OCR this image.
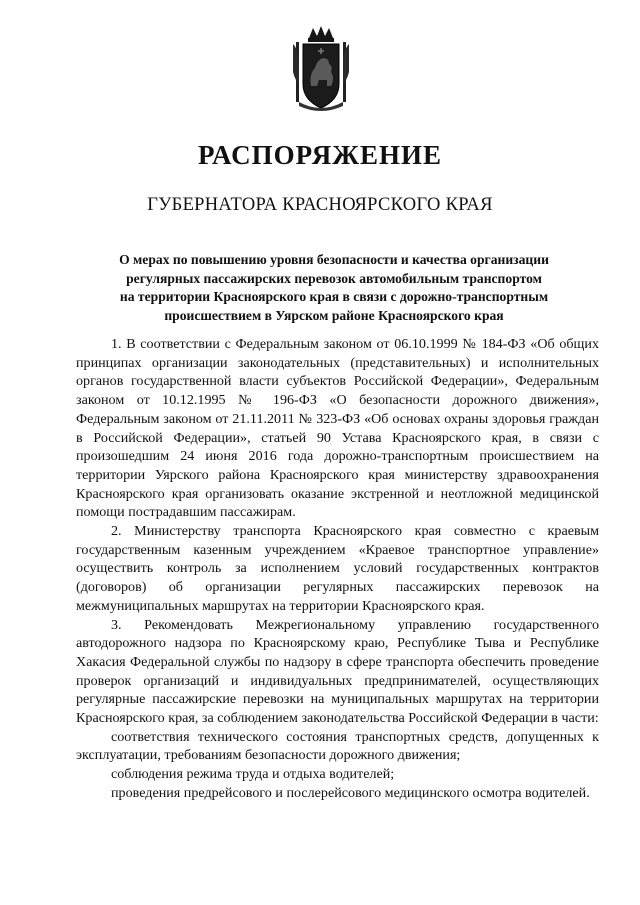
РАСПОРЯЖЕНИЕ
ГУБЕРНАТОРА КРАСНОЯРСКОГО КРАЯ
О мерах по повышению уровня безопасности и качества организации
регулярных пассажирских перевозок автомобильным транспортом
на территории Красноярского края в связи с дорожно-транспортным
происшествием в Уярском районе Красноярского края

1. В соответствии с Федеральным законом от 06.10.1999 № 184-ФЗ «Об общих принципах организации законодательных (представительных) и исполнительных органов государственной власти субъектов Российской Федерации», Федеральным законом от 10.12.1995 № 196-ФЗ «О безопасности дорожного движения», Федеральным законом от 21.11.2011 № 323-ФЗ «Об основах охраны здоровья граждан в Российской Федерации», статьей 90 Устава Красноярского края, в связи с произошедшим 24 июня 2016 года дорожно-транспортным происшествием на территории Уярского района Красноярского края министерству здравоохранения Красноярского края организовать оказание экстренной и неотложной медицинской помощи пострадавшим пассажирам.

2. Министерству транспорта Красноярского края совместно с краевым государственным казенным учреждением «Краевое транспортное управление» осуществить контроль за исполнением условий государственных контрактов (договоров) об организации регулярных пассажирских перевозок на межмуниципальных маршрутах на территории Красноярского края.

3. Рекомендовать Межрегиональному управлению государственного автодорожного надзора по Красноярскому краю, Республике Тыва и Республике Хакасия Федеральной службы по надзору в сфере транспорта обеспечить проведение проверок организаций и индивидуальных предпринимателей, осуществляющих регулярные пассажирские перевозки на муниципальных маршрутах на территории Красноярского края, за соблюдением законодательства Российской Федерации в части:

соответствия технического состояния транспортных средств, допущенных к эксплуатации, требованиям безопасности дорожного движения;

соблюдения режима труда и отдыха водителей;

проведения предрейсового и послерейсового медицинского осмотра водителей.
